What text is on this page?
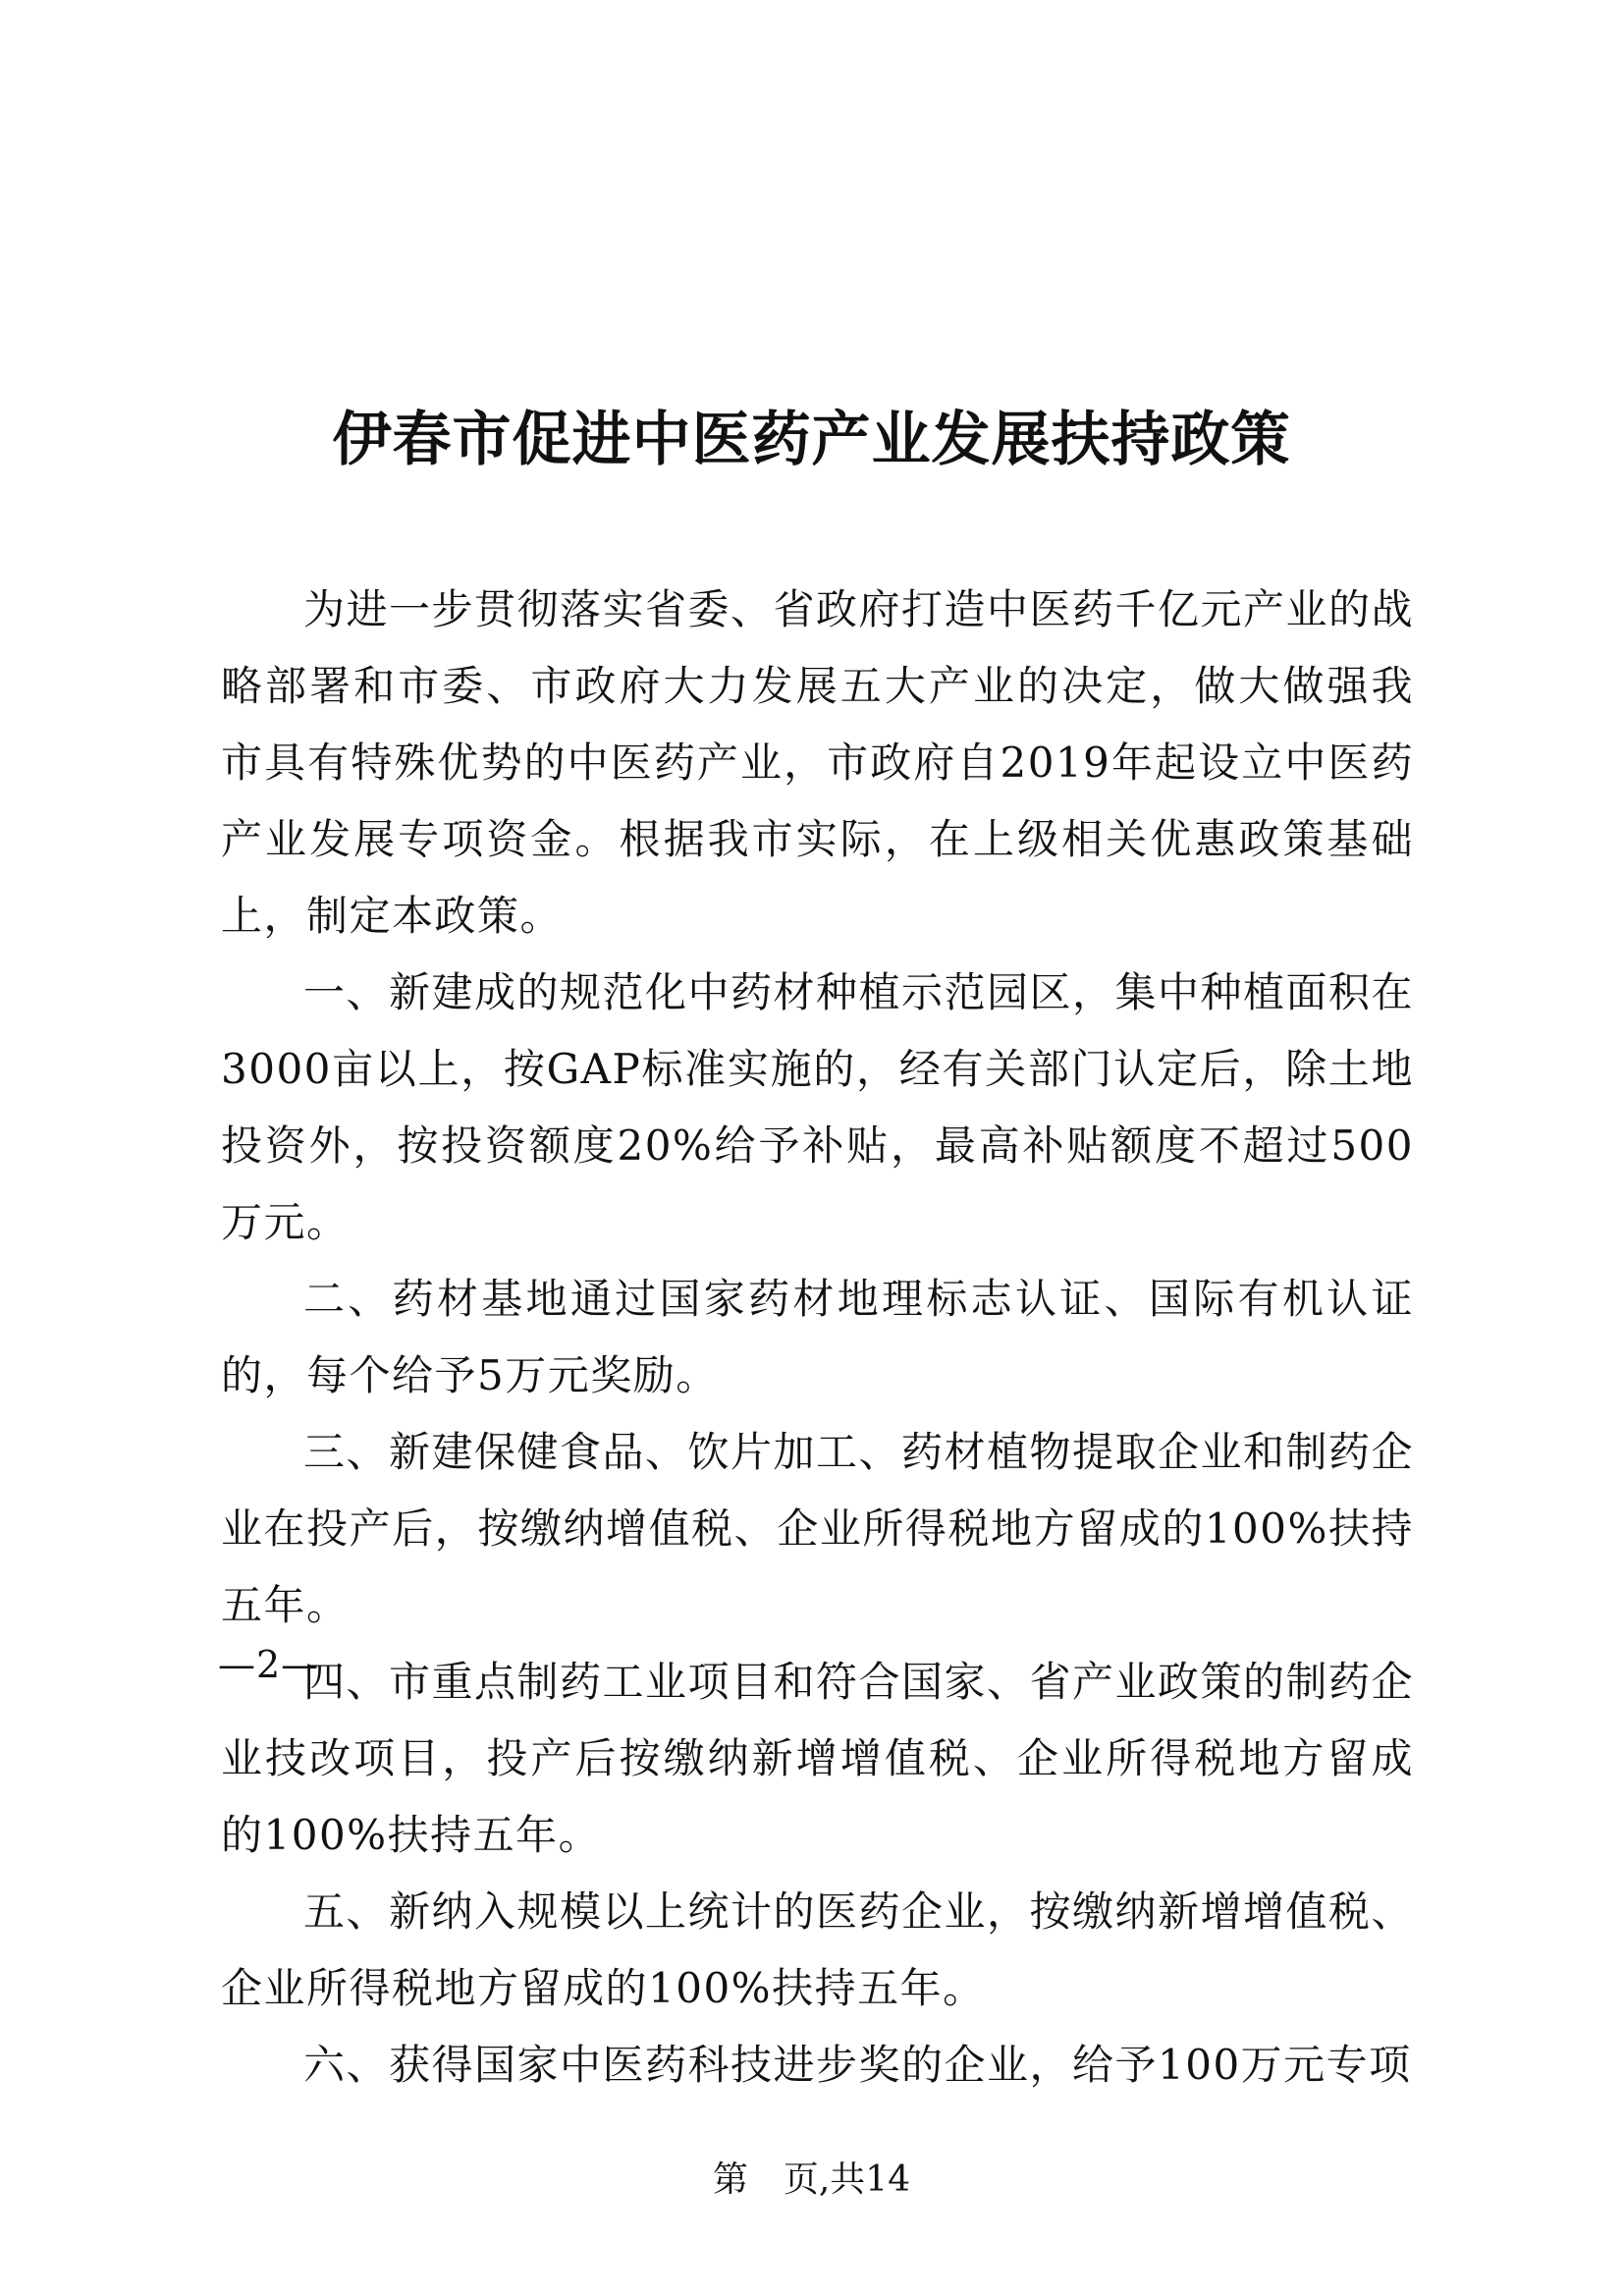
伊春市促进中医药产业发展扶持政策

为进一步贯彻落实省委、省政府打造中医药千亿元产业的战略部署和市委、市政府大力发展五大产业的决定，做大做强我市具有特殊优势的中医药产业，市政府自2019年起设立中医药产业发展专项资金。根据我市实际，在上级相关优惠政策基础上，制定本政策。

一、新建成的规范化中药材种植示范园区，集中种植面积在3000亩以上，按GAP标准实施的，经有关部门认定后，除土地投资外，按投资额度20%给予补贴，最高补贴额度不超过500万元。

二、药材基地通过国家药材地理标志认证、国际有机认证的，每个给予5万元奖励。

三、新建保健食品、饮片加工、药材植物提取企业和制药企业在投产后，按缴纳增值税、企业所得税地方留成的100%扶持五年。

四、市重点制药工业项目和符合国家、省产业政策的制药企业技改项目，投产后按缴纳新增增值税、企业所得税地方留成的100%扶持五年。

五、新纳入规模以上统计的医药企业，按缴纳新增增值税、企业所得税地方留成的100%扶持五年。

六、获得国家中医药科技进步奖的企业，给予100万元专项

—2—
第　页,共14
